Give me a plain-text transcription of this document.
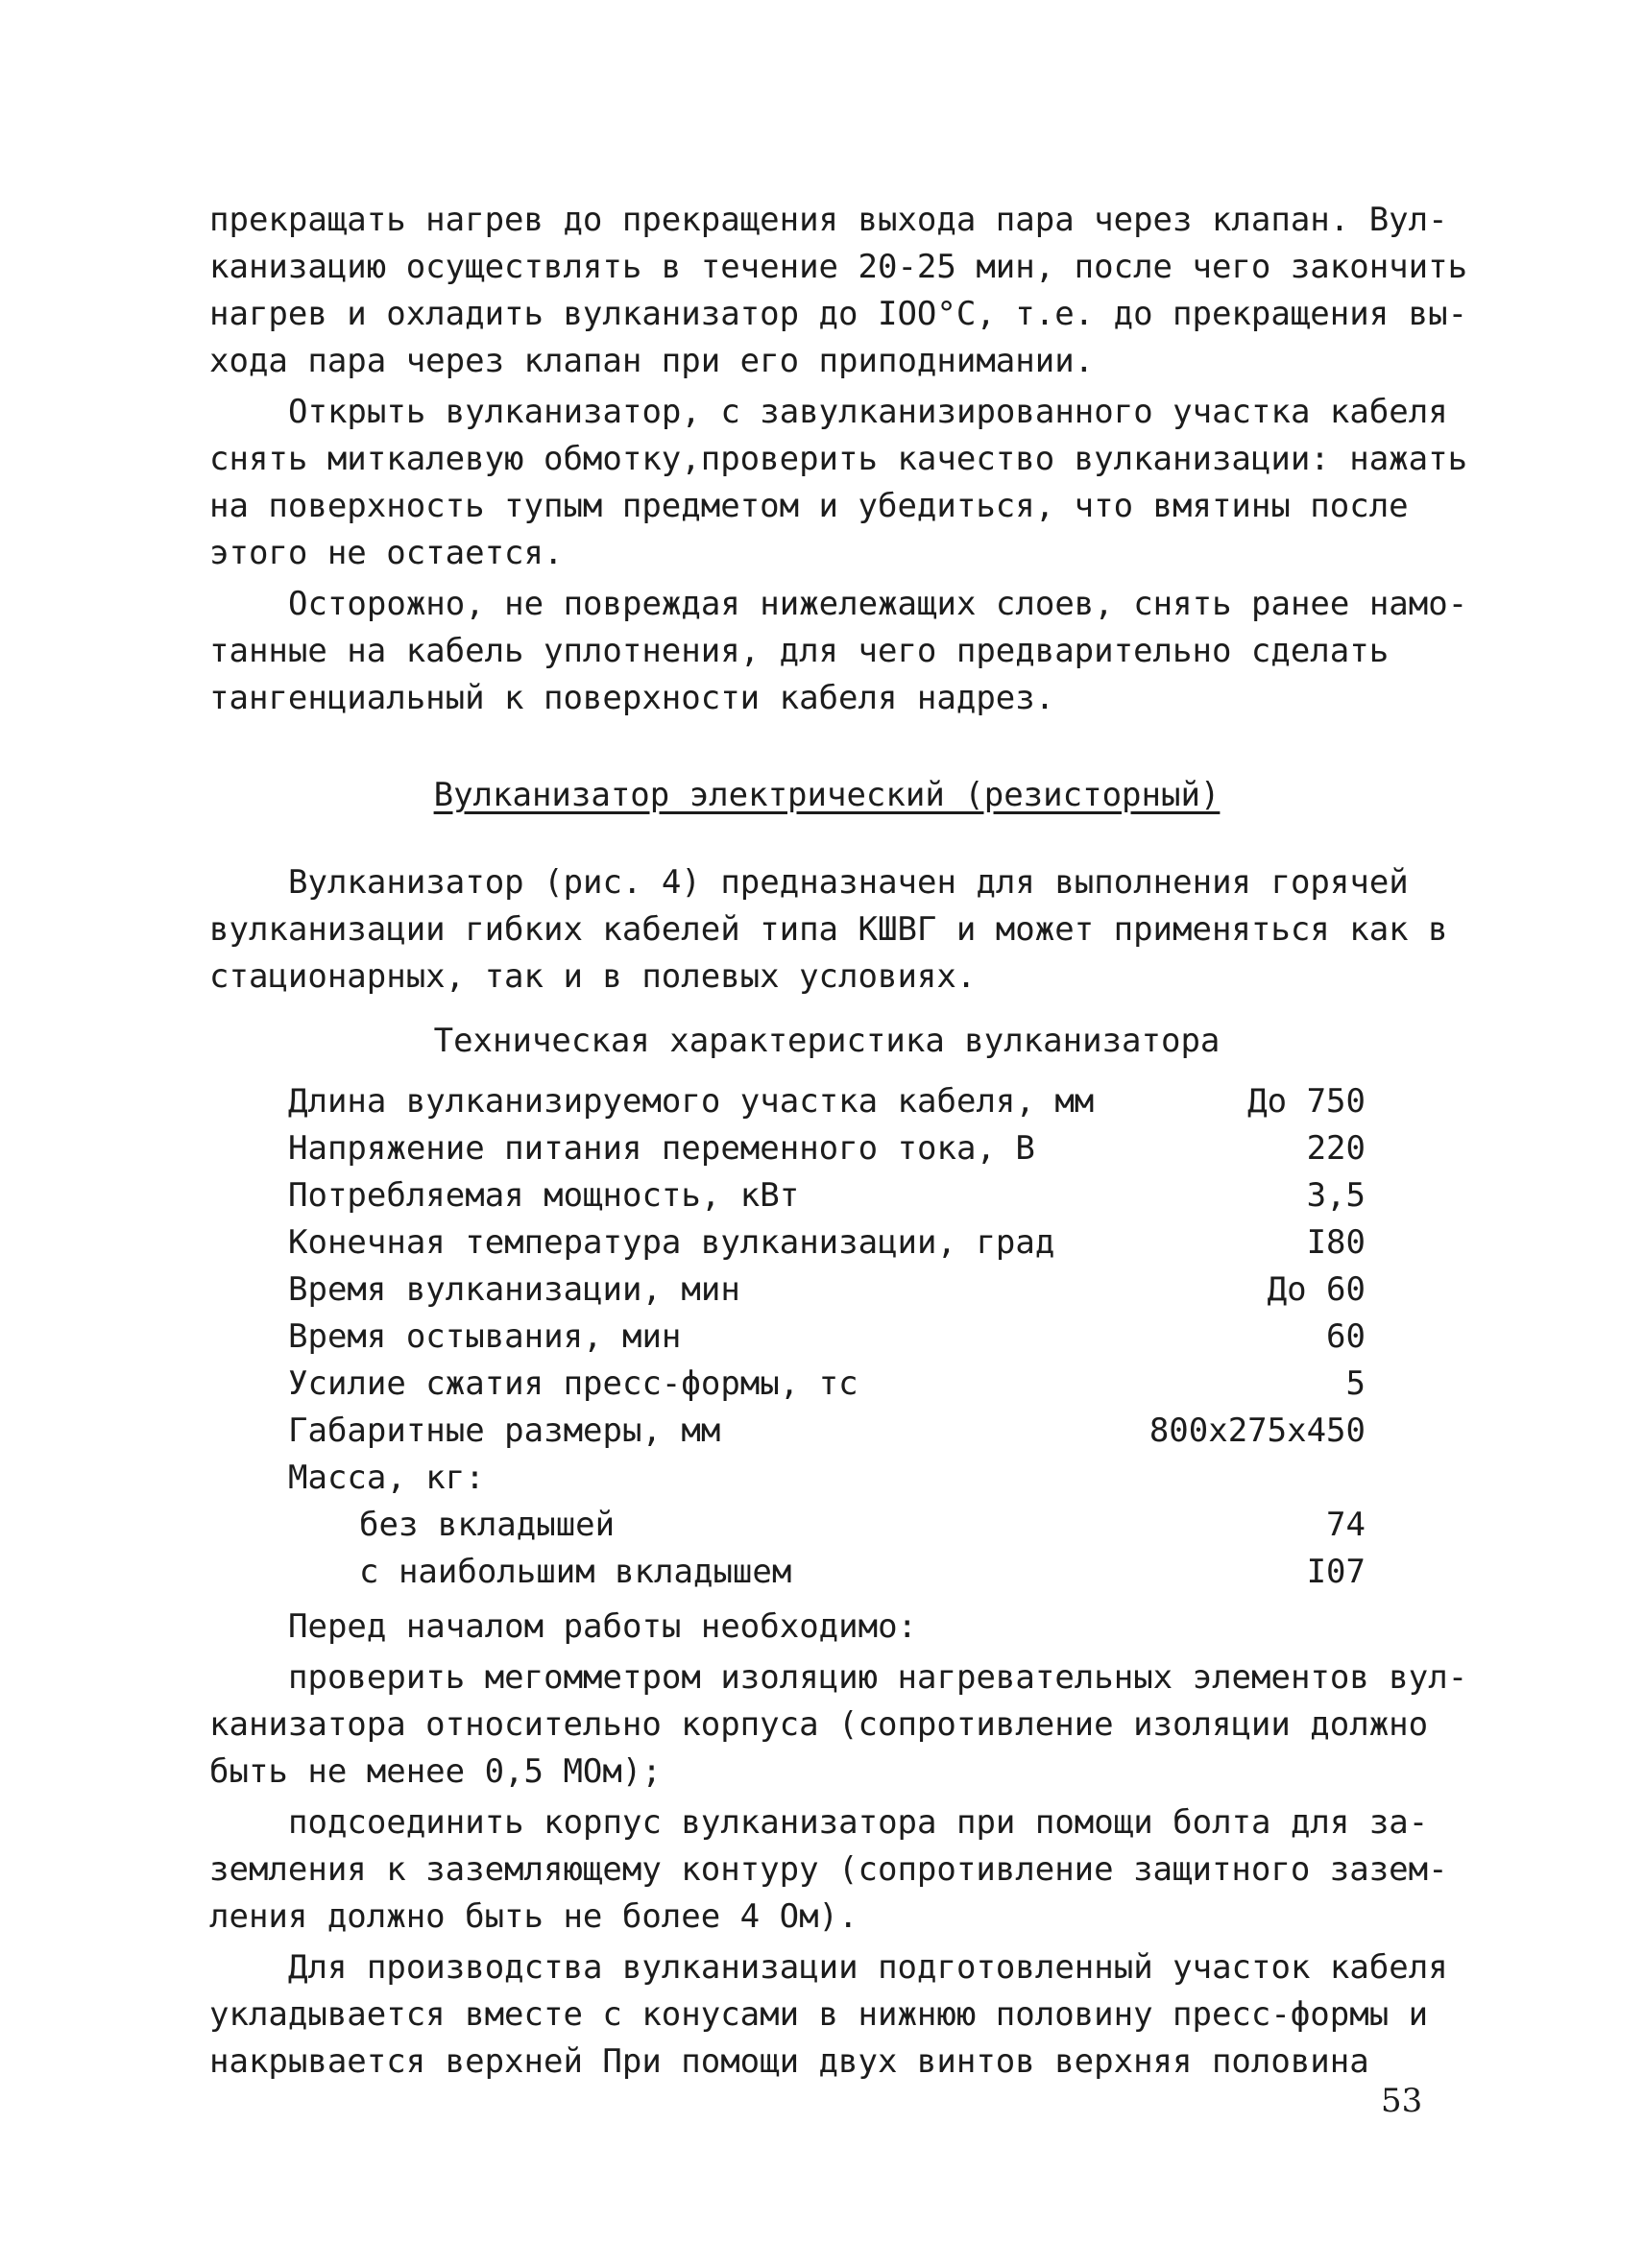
прекращать нагрев до прекращения выхода пара через клапан. Вул-
канизацию осуществлять в течение 20-25 мин, после чего закончить
нагрев и охладить вулканизатор до IOO°C, т.е. до прекращения вы-
хода пара через клапан при его приподнимании.
Открыть вулканизатор, с завулканизированного участка кабеля
снять миткалевую обмотку,проверить качество вулканизации: нажать
на поверхность тупым предметом и убедиться, что вмятины после
этого не остается.
Осторожно, не повреждая нижележащих слоев, снять ранее намо-
танные на кабель уплотнения, для чего предварительно сделать
тангенциальный к поверхности кабеля надрез.
Вулканизатор электрический (резисторный)
Вулканизатор (рис. 4) предназначен для выполнения горячей
вулканизации гибких кабелей типа КШВГ и может применяться как в
стационарных, так и в полевых условиях.
Техническая характеристика вулканизатора
Длина вулканизируемого участка кабеля, мм	До 750
Напряжение питания переменного тока, В	220
Потребляемая мощность, кВт	3,5
Конечная температура вулканизации, град	I80
Время вулканизации, мин	До 60
Время остывания, мин	60
Усилие сжатия пресс-формы, тс	5
Габаритные размеры, мм	800x275x450
Масса, кг:
без вкладышей	74
с наибольшим вкладышем	I07
Перед началом работы необходимо:
проверить мегомметром изоляцию нагревательных элементов вул-
канизатора относительно корпуса (сопротивление изоляции должно
быть не менее 0,5 МОм);
подсоединить корпус вулканизатора при помощи болта для за-
земления к заземляющему контуру (сопротивление защитного зазем-
ления должно быть не более 4 Ом).
Для производства вулканизации подготовленный участок кабеля
укладывается вместе с конусами в нижнюю половину пресс-формы и
накрывается верхней При помощи двух винтов верхняя половина
53
